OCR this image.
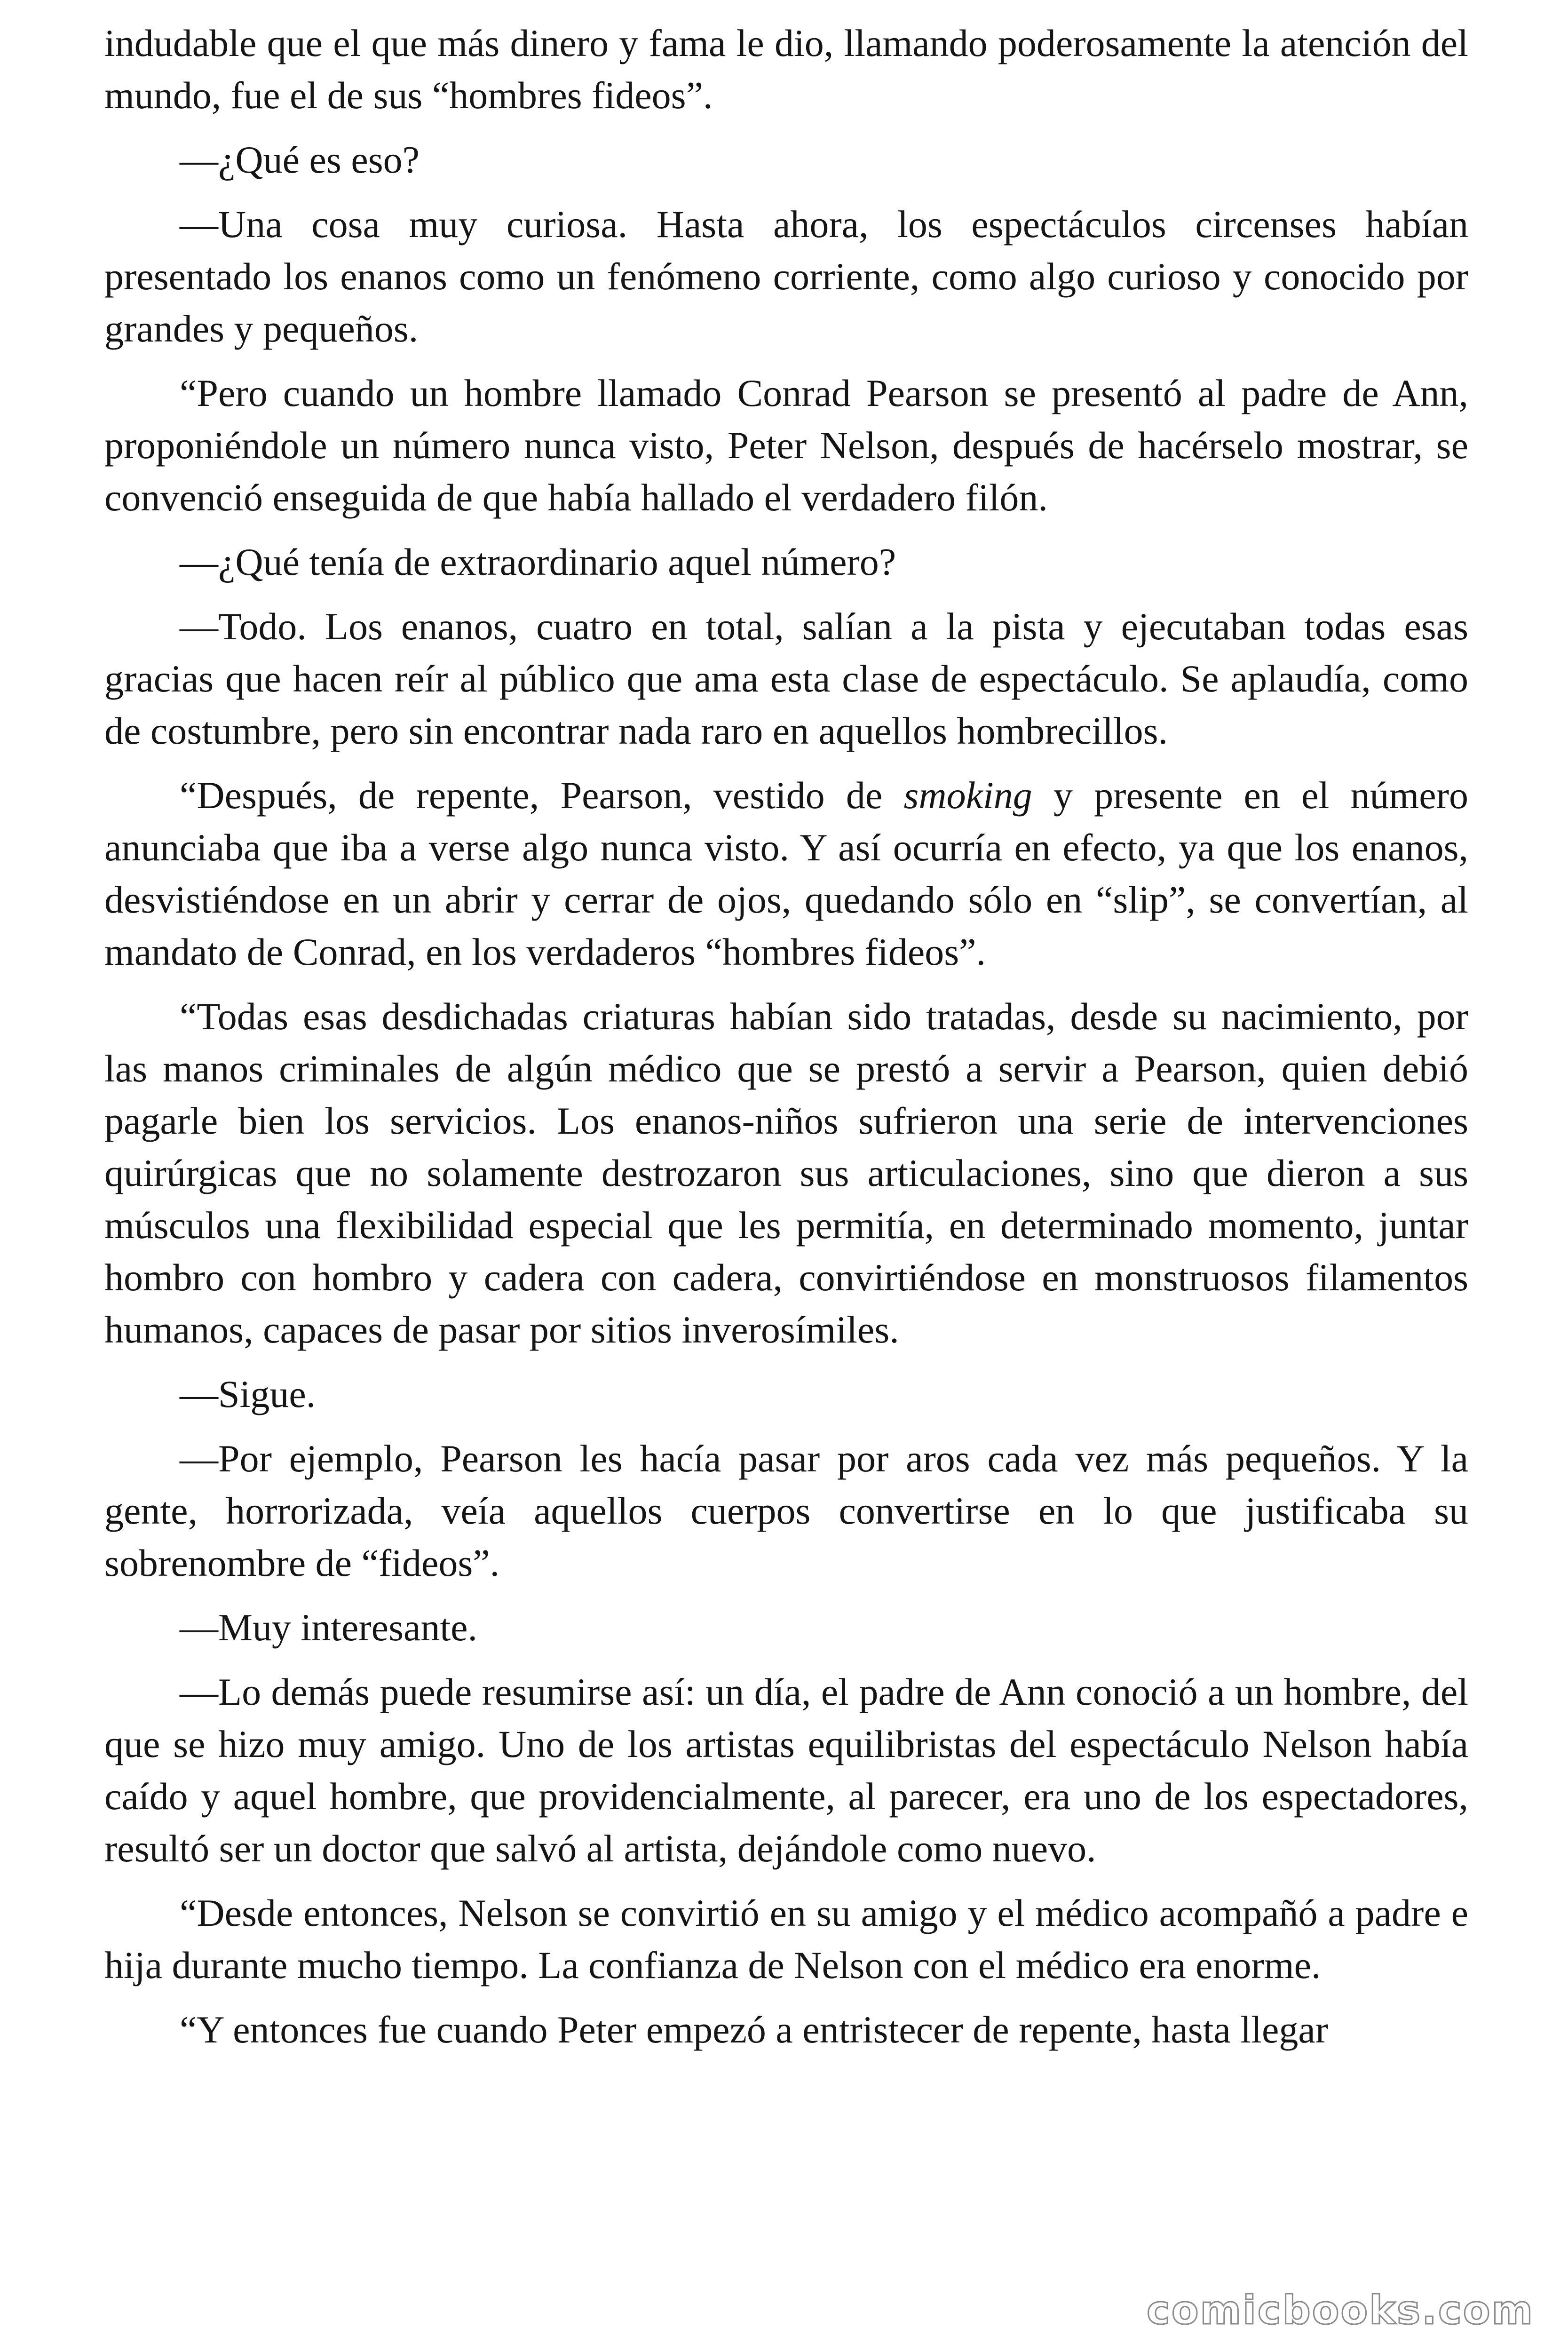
indudable que el que más dinero y fama le dio, llamando poderosamente la atención del mundo, fue el de sus “hombres fideos”.

—¿Qué es eso?

—Una cosa muy curiosa. Hasta ahora, los espectáculos circenses habían presentado los enanos como un fenómeno corriente, como algo curioso y conocido por grandes y pequeños.

“Pero cuando un hombre llamado Conrad Pearson se presentó al padre de Ann, proponiéndole un número nunca visto, Peter Nelson, después de hacérselo mostrar, se convenció enseguida de que había hallado el verdadero filón.

—¿Qué tenía de extraordinario aquel número?

—Todo. Los enanos, cuatro en total, salían a la pista y ejecutaban todas esas gracias que hacen reír al público que ama esta clase de espectáculo. Se aplaudía, como de costumbre, pero sin encontrar nada raro en aquellos hombrecillos.

“Después, de repente, Pearson, vestido de smoking y presente en el número anunciaba que iba a verse algo nunca visto. Y así ocurría en efecto, ya que los enanos, desvistiéndose en un abrir y cerrar de ojos, quedando sólo en “slip”, se convertían, al mandato de Conrad, en los verdaderos “hombres fideos”.

“Todas esas desdichadas criaturas habían sido tratadas, desde su nacimiento, por las manos criminales de algún médico que se prestó a servir a Pearson, quien debió pagarle bien los servicios. Los enanos-niños sufrieron una serie de intervenciones quirúrgicas que no solamente destrozaron sus articulaciones, sino que dieron a sus músculos una flexibilidad especial que les permitía, en determinado momento, juntar hombro con hombro y cadera con cadera, convirtiéndose en monstruosos filamentos humanos, capaces de pasar por sitios inverosímiles.

—Sigue.

—Por ejemplo, Pearson les hacía pasar por aros cada vez más pequeños. Y la gente, horrorizada, veía aquellos cuerpos convertirse en lo que justificaba su sobrenombre de “fideos”.

—Muy interesante.

—Lo demás puede resumirse así: un día, el padre de Ann conoció a un hombre, del que se hizo muy amigo. Uno de los artistas equilibristas del espectáculo Nelson había caído y aquel hombre, que providencialmente, al parecer, era uno de los espectadores, resultó ser un doctor que salvó al artista, dejándole como nuevo.

“Desde entonces, Nelson se convirtió en su amigo y el médico acompañó a padre e hija durante mucho tiempo. La confianza de Nelson con el médico era enorme.

“Y entonces fue cuando Peter empezó a entristecer de repente, hasta llegar

comicbooks.com
